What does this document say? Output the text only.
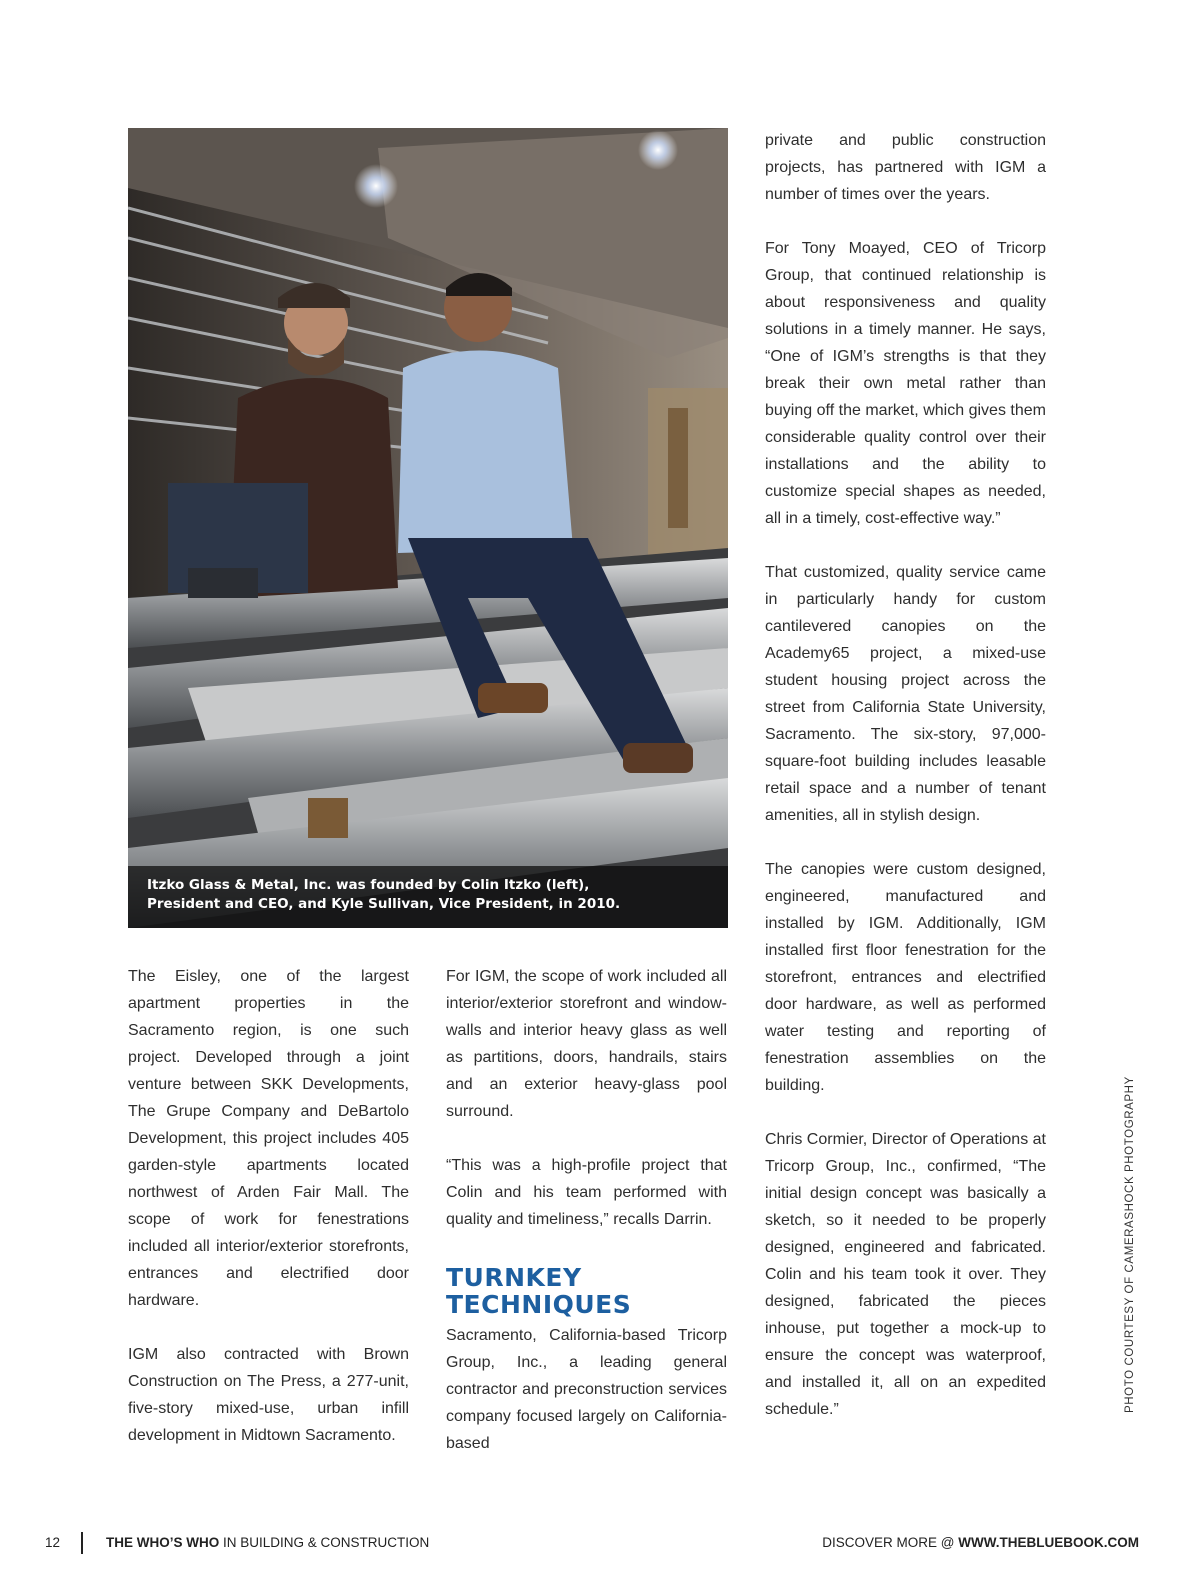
Itzko Glass & Metal, Inc. was founded by Colin Itzko (left),
President and CEO, and Kyle Sullivan, Vice President, in 2010.

The Eisley, one of the largest apartment properties in the Sacramento region, is one such project. Developed through a joint venture between SKK Developments, The Grupe Company and DeBartolo Development, this project includes 405 garden-style apartments located northwest of Arden Fair Mall. The scope of work for fenestrations included all interior/exterior storefronts, entrances and electrified door hardware.

IGM also contracted with Brown Construction on The Press, a 277-unit, five-story mixed-use, urban infill development in Midtown Sacramento.

For IGM, the scope of work included all interior/exterior storefront and window-walls and interior heavy glass as well as partitions, doors, handrails, stairs and an exterior heavy-glass pool surround.

“This was a high-profile project that Colin and his team performed with quality and timeliness,” recalls Darrin.

TURNKEY
TECHNIQUES

Sacramento, California-based Tricorp Group, Inc., a leading general contractor and preconstruction services company focused largely on California-based

private and public construction projects, has partnered with IGM a number of times over the years.

For Tony Moayed, CEO of Tricorp Group, that continued relationship is about responsiveness and quality solutions in a timely manner. He says, “One of IGM’s strengths is that they break their own metal rather than buying off the market, which gives them considerable quality control over their installations and the ability to customize special shapes as needed, all in a timely, cost-effective way.”

That customized, quality service came in particularly handy for custom cantilevered canopies on the Academy65 project, a mixed-use student housing project across the street from California State University, Sacramento. The six-story, 97,000-square-foot building includes leasable retail space and a number of tenant amenities, all in stylish design.

The canopies were custom designed, engineered, manufactured and installed by IGM. Additionally, IGM installed first floor fenestration for the storefront, entrances and electrified door hardware, as well as performed water testing and reporting of fenestration assemblies on the building.

Chris Cormier, Director of Operations at Tricorp Group, Inc., confirmed, “The initial design concept was basically a sketch, so it needed to be properly designed, engineered and fabricated. Colin and his team took it over. They designed, fabricated the pieces inhouse, put together a mock-up to ensure the concept was waterproof, and installed it, all on an expedited schedule.”	PHOTO COURTESY OF CAMERASHOCK PHOTOGRAPHY
12	THE WHO’S WHO IN BUILDING & CONSTRUCTION	DISCOVER MORE @ WWW.THEBLUEBOOK.COM
